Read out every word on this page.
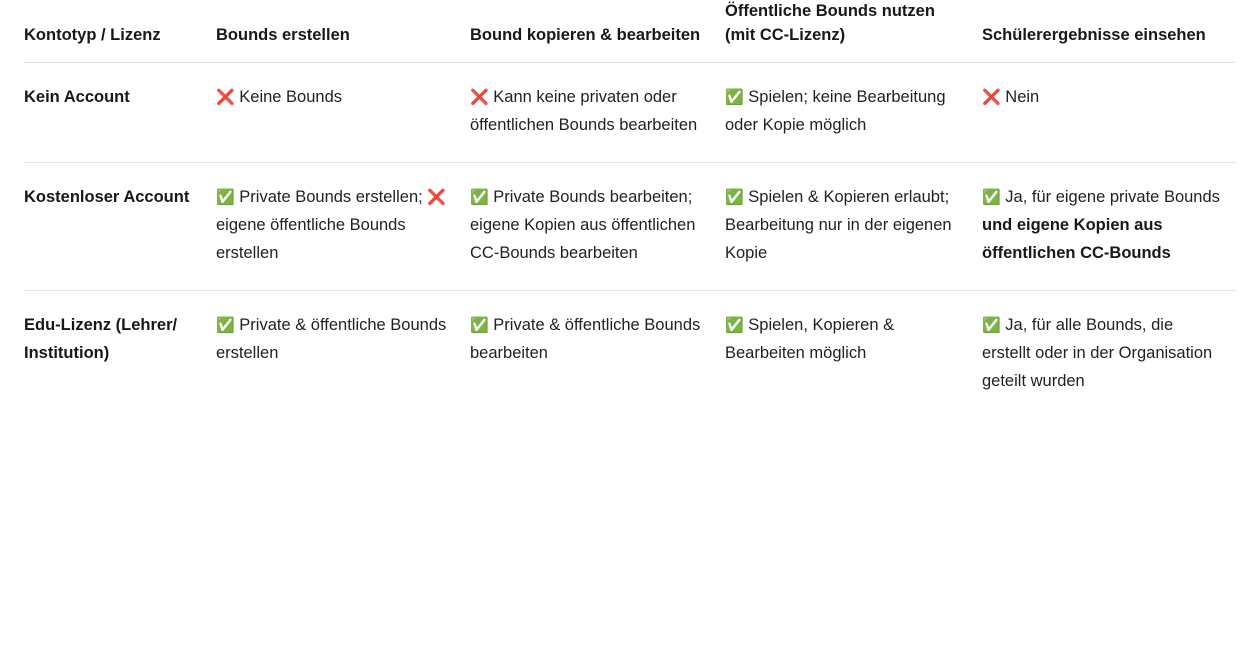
Kontotyp / Lizenz	Bounds erstellen	Bound kopieren & bearbeiten	Öffentliche Bounds nutzen (mit CC-Lizenz)	Schülerergebnisse einsehen
Kein Account	❌ Keine Bounds	❌ Kann keine privaten oder öffentlichen Bounds bearbeiten	✅ Spielen; keine Bearbeitung oder Kopie möglich	❌ Nein
Kostenloser Account	✅ Private Bounds erstellen; ❌ eigene öffentliche Bounds erstellen	✅ Private Bounds bearbeiten; eigene Kopien aus öffentlichen CC-Bounds bearbeiten	✅ Spielen & Kopieren erlaubt; Bearbeitung nur in der eigenen Kopie	✅ Ja, für eigene private Bounds und eigene Kopien aus öffentlichen CC-Bounds
Edu-Lizenz (Lehrer/ Institution)	✅ Private & öffentliche Bounds erstellen	✅ Private & öffentliche Bounds bearbeiten	✅ Spielen, Kopieren & Bearbeiten möglich	✅ Ja, für alle Bounds, die erstellt oder in der Organisation geteilt wurden
